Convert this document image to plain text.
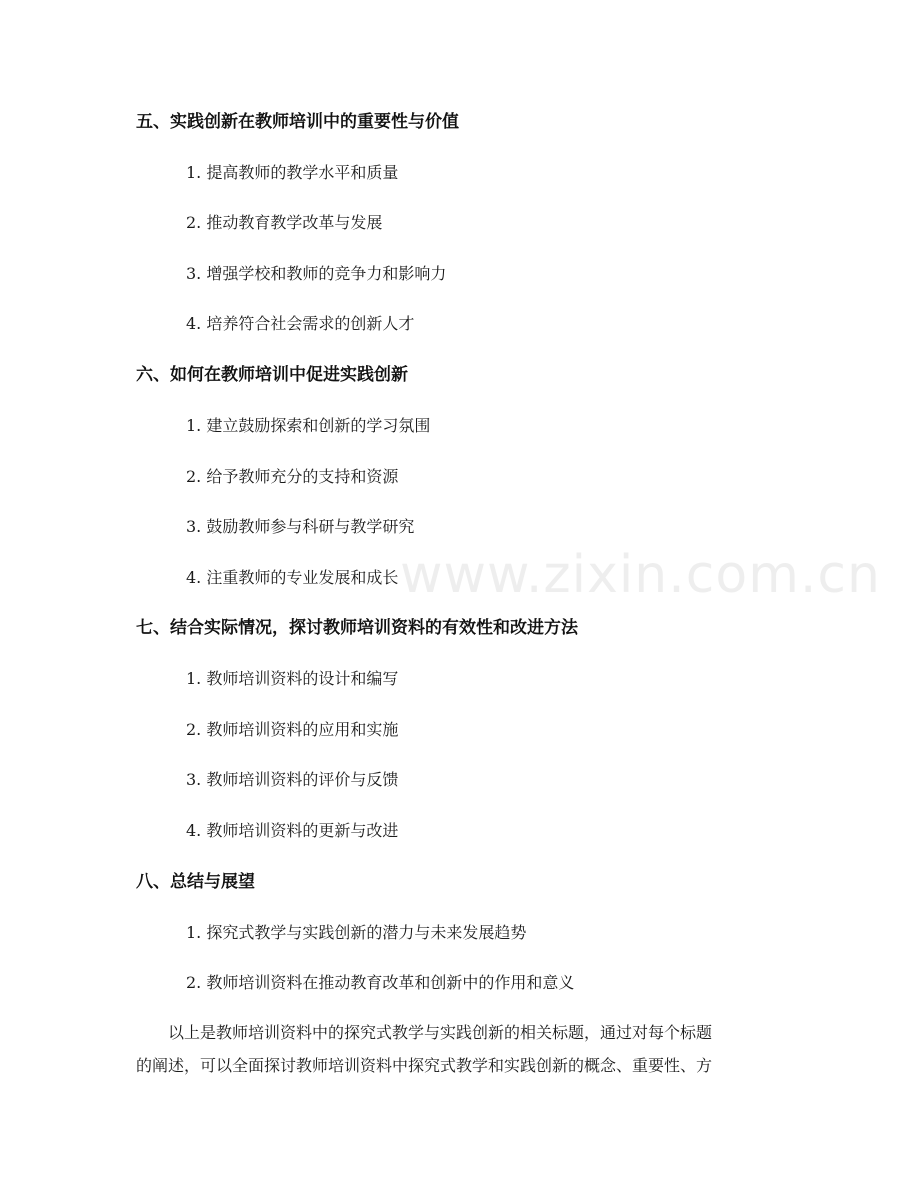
五、实践创新在教师培训中的重要性与价值
1. 提高教师的教学水平和质量
2. 推动教育教学改革与发展
3. 增强学校和教师的竞争力和影响力
4. 培养符合社会需求的创新人才
六、如何在教师培训中促进实践创新
1. 建立鼓励探索和创新的学习氛围
2. 给予教师充分的支持和资源
3. 鼓励教师参与科研与教学研究
4. 注重教师的专业发展和成长
七、结合实际情况，探讨教师培训资料的有效性和改进方法
1. 教师培训资料的设计和编写
2. 教师培训资料的应用和实施
3. 教师培训资料的评价与反馈
4. 教师培训资料的更新与改进
八、总结与展望
1. 探究式教学与实践创新的潜力与未来发展趋势
2. 教师培训资料在推动教育改革和创新中的作用和意义
以上是教师培训资料中的探究式教学与实践创新的相关标题，通过对每个标题
的阐述，可以全面探讨教师培训资料中探究式教学和实践创新的概念、重要性、方
www.zixin.com.cn
